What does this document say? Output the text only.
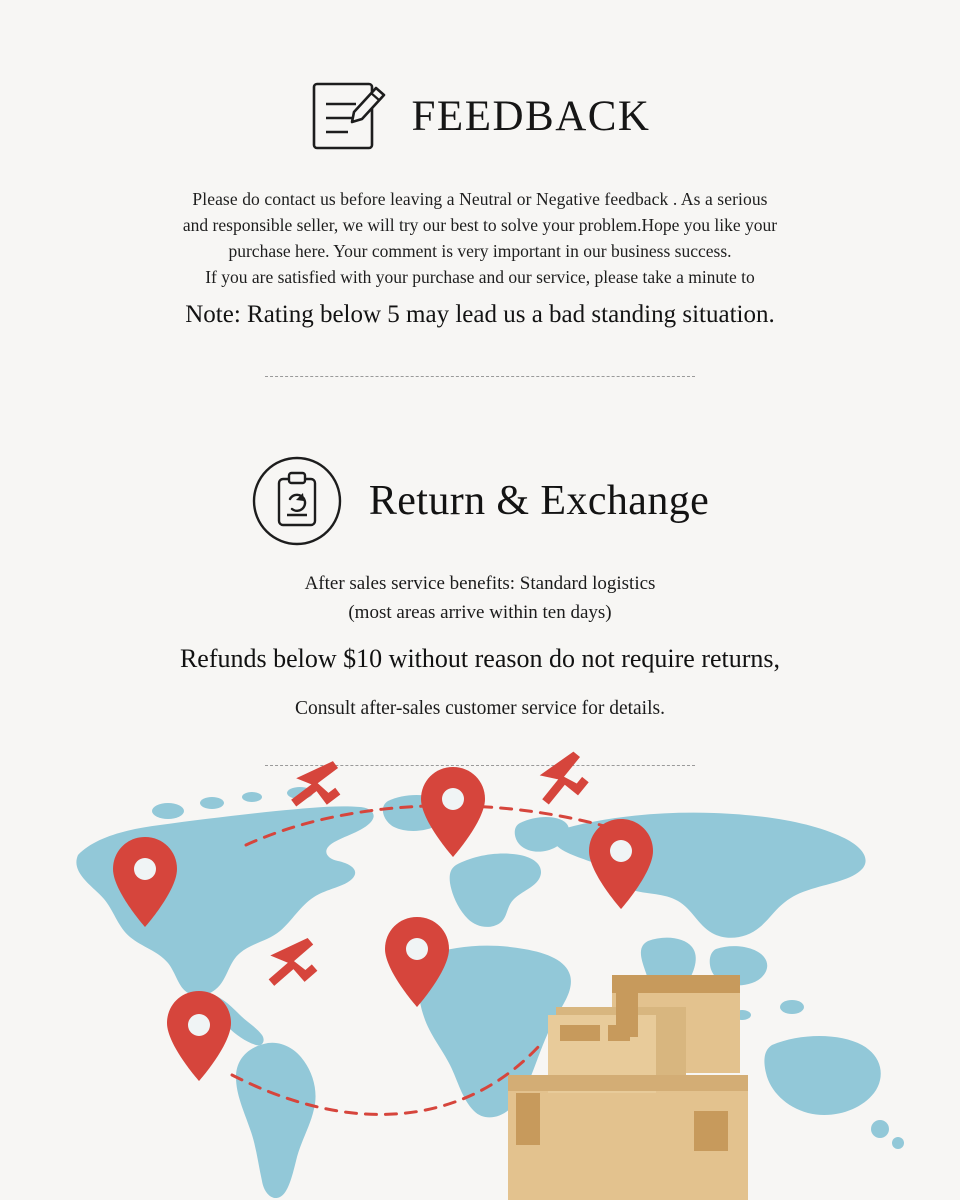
FEEDBACK
Please do contact us before leaving a Neutral or Negative feedback . As a serious
and responsible seller, we will try our best to solve your problem.Hope you like your
purchase here. Your comment is very important in our business success.
If you are satisfied with your purchase and our service, please take a minute to
Note: Rating below 5 may lead us a bad standing situation.
Return & Exchange
After sales service benefits: Standard logistics
(most areas arrive within ten days)
Refunds below $10 without reason do not require returns,
Consult after-sales customer service for details.
